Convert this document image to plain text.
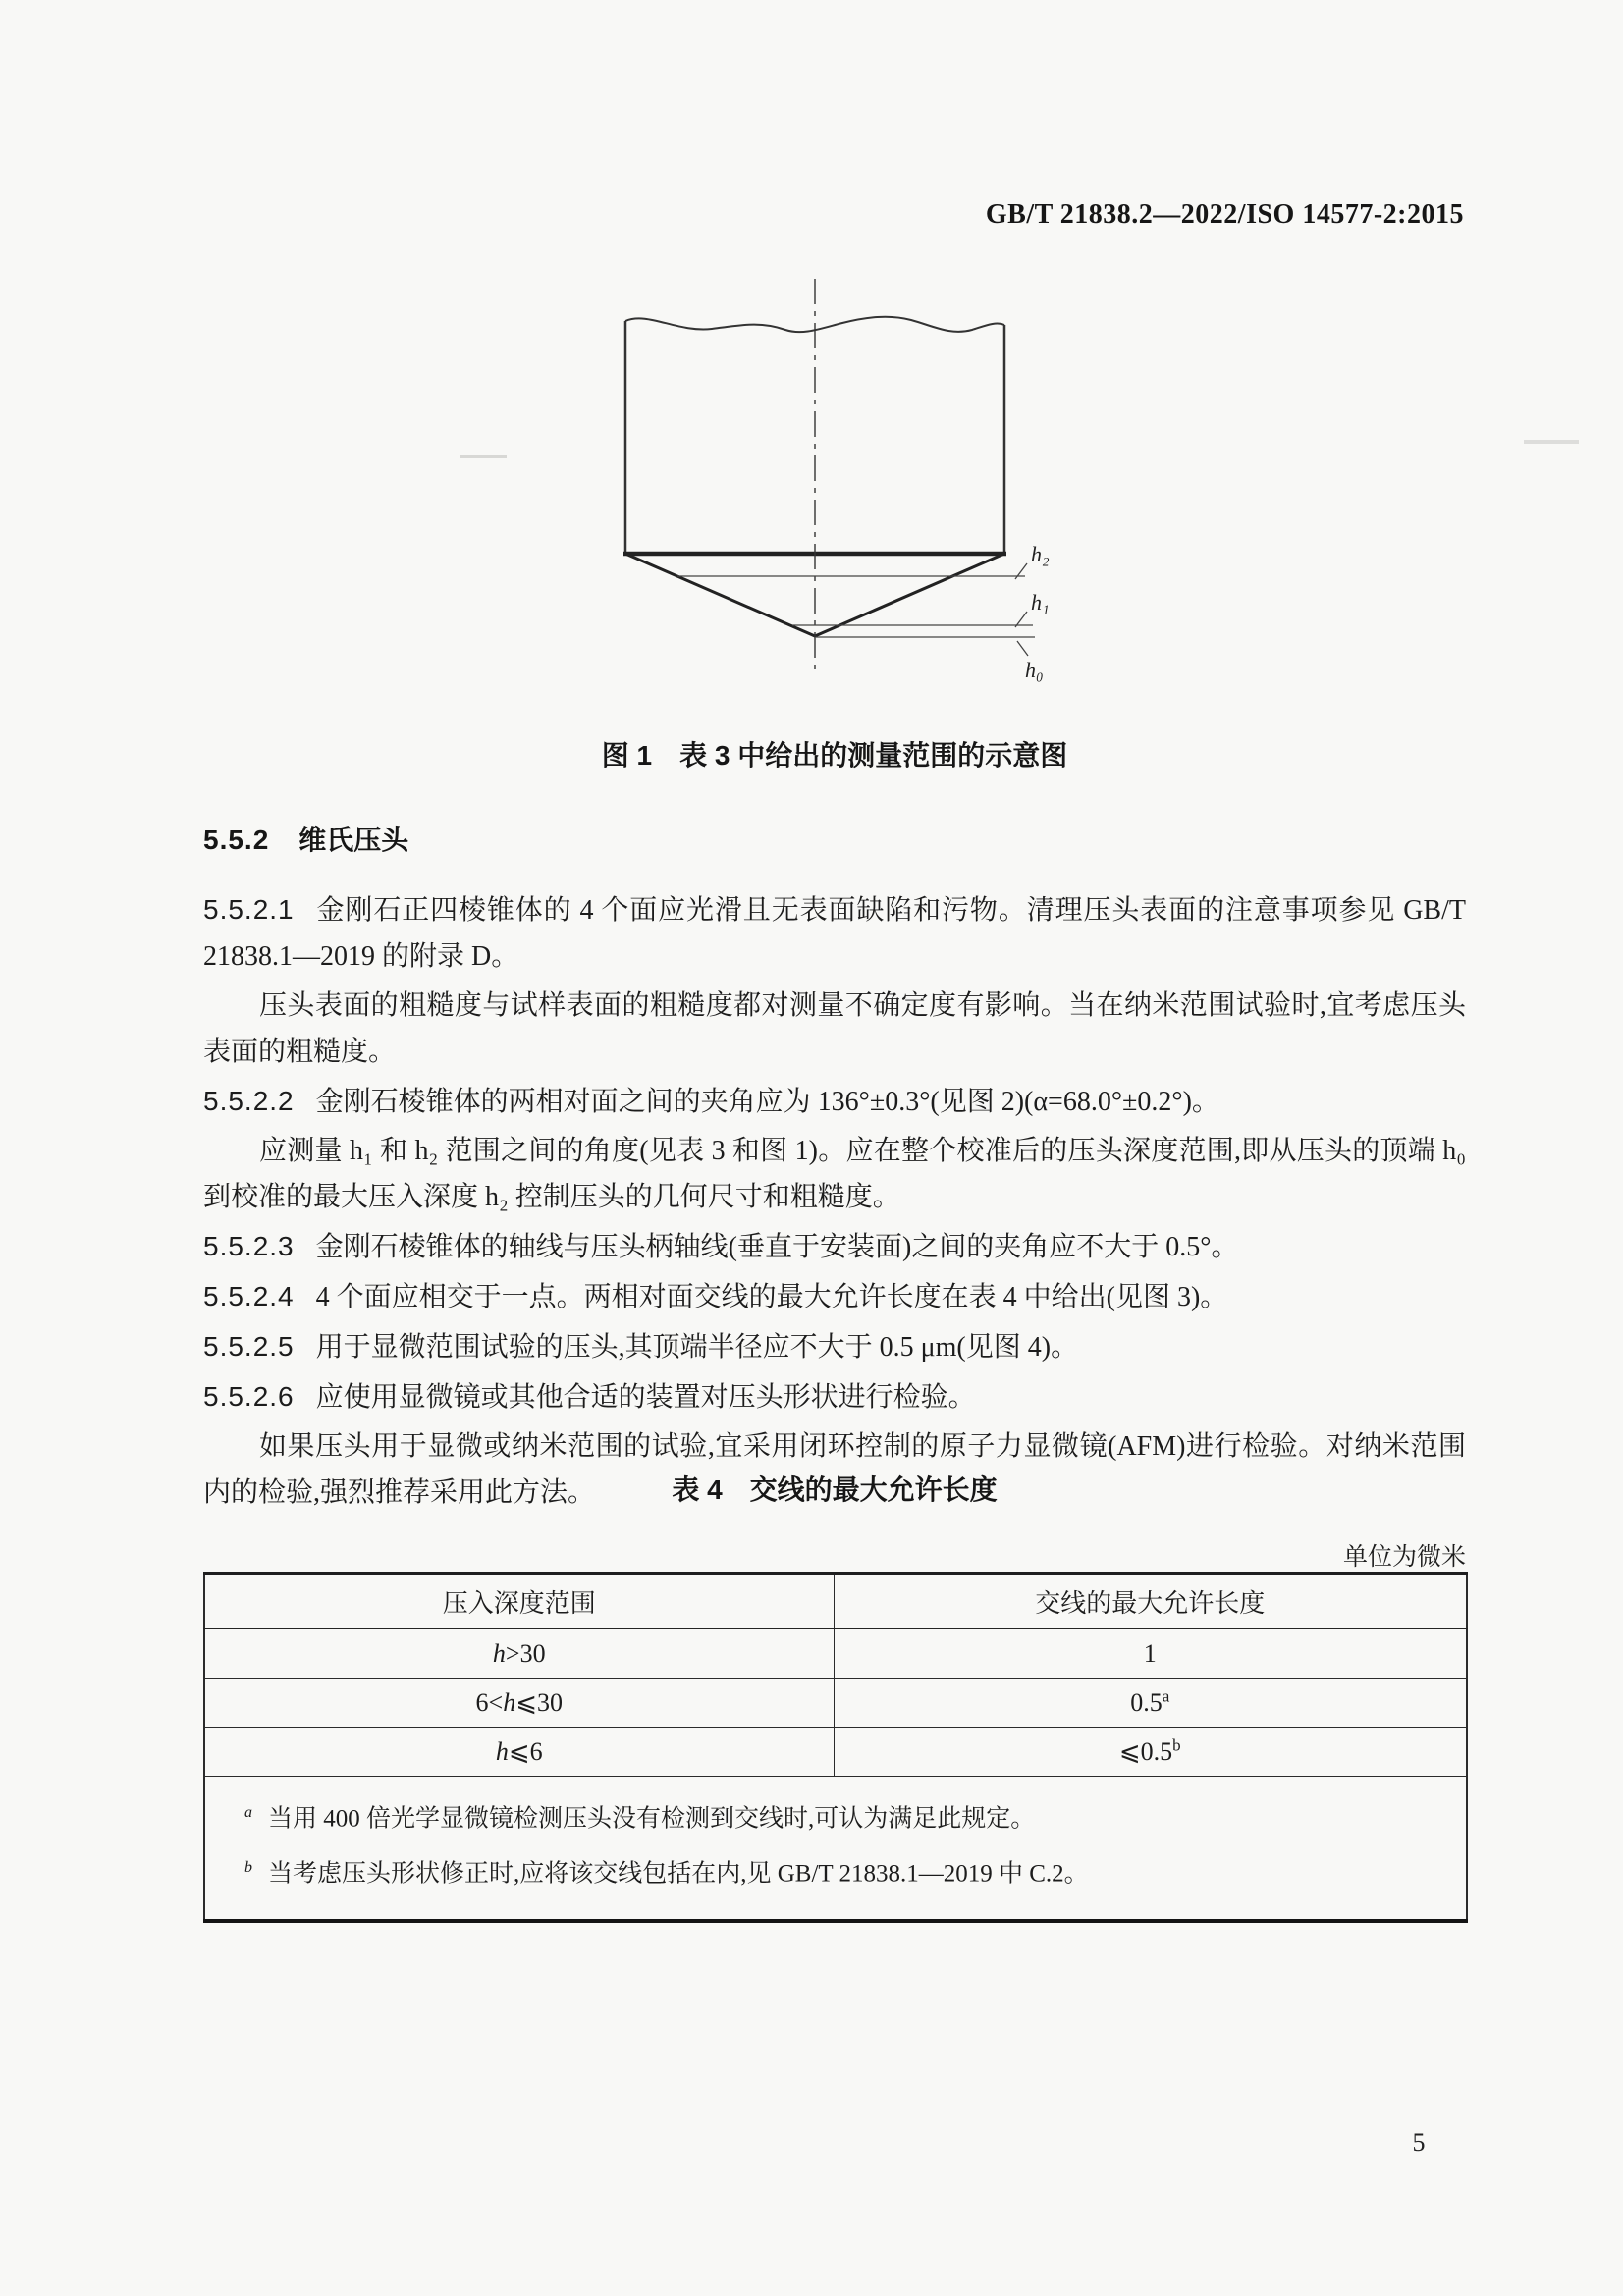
GB/T 21838.2—2022/ISO 14577-2:2015
h₂
h₁
h₀
图 1 表 3 中给出的测量范围的示意图
5.5.2 维氏压头

5.5.2.1 金刚石正四棱锥体的 4 个面应光滑且无表面缺陷和污物。清理压头表面的注意事项参见 GB/T 21838.1—2019 的附录 D。

压头表面的粗糙度与试样表面的粗糙度都对测量不确定度有影响。当在纳米范围试验时,宜考虑压头表面的粗糙度。

5.5.2.2 金刚石棱锥体的两相对面之间的夹角应为 136°±0.3°(见图 2)(α=68.0°±0.2°)。

应测量 h₁ 和 h₂ 范围之间的角度(见表 3 和图 1)。应在整个校准后的压头深度范围,即从压头的顶端 h₀ 到校准的最大压入深度 h₂ 控制压头的几何尺寸和粗糙度。

5.5.2.3 金刚石棱锥体的轴线与压头柄轴线(垂直于安装面)之间的夹角应不大于 0.5°。

5.5.2.4 4 个面应相交于一点。两相对面交线的最大允许长度在表 4 中给出(见图 3)。

5.5.2.5 用于显微范围试验的压头,其顶端半径应不大于 0.5 μm(见图 4)。

5.5.2.6 应使用显微镜或其他合适的装置对压头形状进行检验。

如果压头用于显微或纳米范围的试验,宜采用闭环控制的原子力显微镜(AFM)进行检验。对纳米范围内的检验,强烈推荐采用此方法。	表 4 交线的最大允许长度
单位为微米
压入深度范围	交线的最大允许长度
h>30	1
6<h⩽30	0.5$^a$
h⩽6	⩽0.5$^b$

$^a$ 当用 400 倍光学显微镜检测压头没有检测到交线时,可认为满足此规定。

$^b$ 当考虑压头形状修正时,应将该交线包括在内,见 GB/T 21838.1—2019 中 C.2。	

5
